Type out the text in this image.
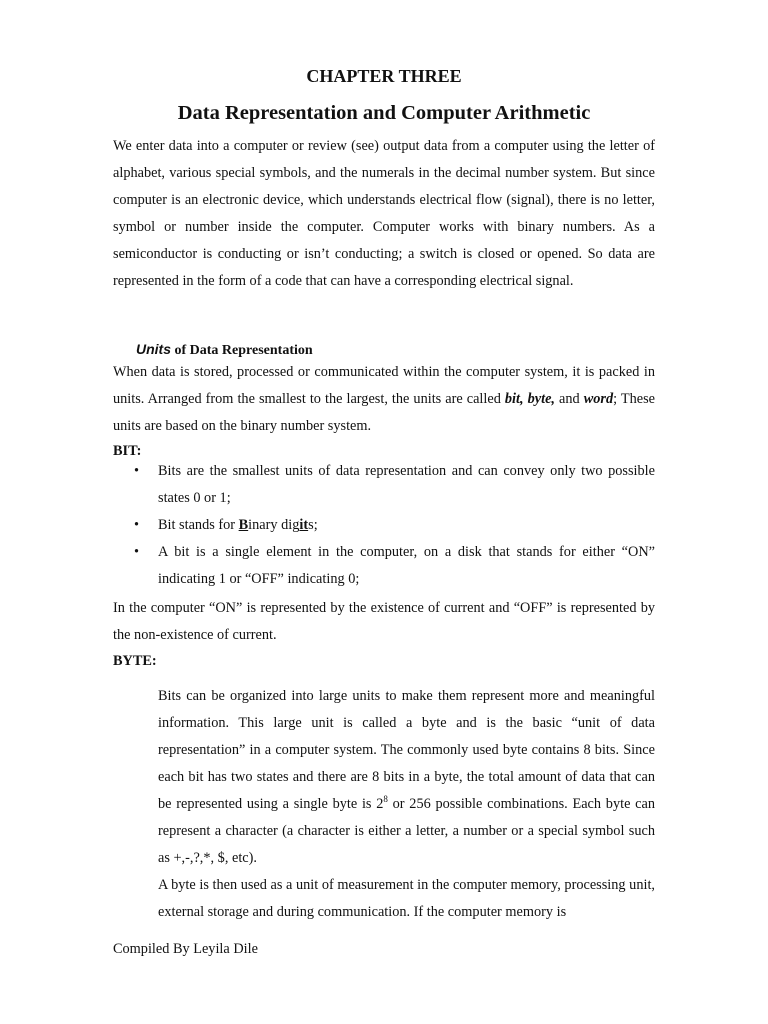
CHAPTER THREE
Data Representation and Computer Arithmetic
We enter data into a computer or review (see) output data from a computer using the letter of alphabet, various special symbols, and the numerals in the decimal number system. But since computer is an electronic device, which understands electrical flow (signal), there is no letter, symbol or number inside the computer. Computer works with binary numbers. As a semiconductor is conducting or isn’t conducting; a switch is closed or opened. So data are represented in the form of a code that can have a corresponding electrical signal.
Units of Data Representation
When data is stored, processed or communicated within the computer system, it is packed in units. Arranged from the smallest to the largest, the units are called bit, byte, and word; These units are based on the binary number system.
BIT:
• Bits are the smallest units of data representation and can convey only two possible states 0 or 1;
• Bit stands for Binary digits;
• A bit is a single element in the computer, on a disk that stands for either “ON” indicating 1 or “OFF” indicating 0;
In the computer “ON” is represented by the existence of current and “OFF” is represented by the non-existence of current.
BYTE:

Bits can be organized into large units to make them represent more and meaningful information. This large unit is called a byte and is the basic “unit of data representation” in a computer system. The commonly used byte contains 8 bits. Since each bit has two states and there are 8 bits in a byte, the total amount of data that can be represented using a single byte is $2^8$ or 256 possible combinations. Each byte can represent a character (a character is either a letter, a number or a special symbol such as +,-,?,*, $, etc).

A byte is then used as a unit of measurement in the computer memory, processing unit, external storage and during communication. If the computer memory is

Compiled By Leyila Dile
